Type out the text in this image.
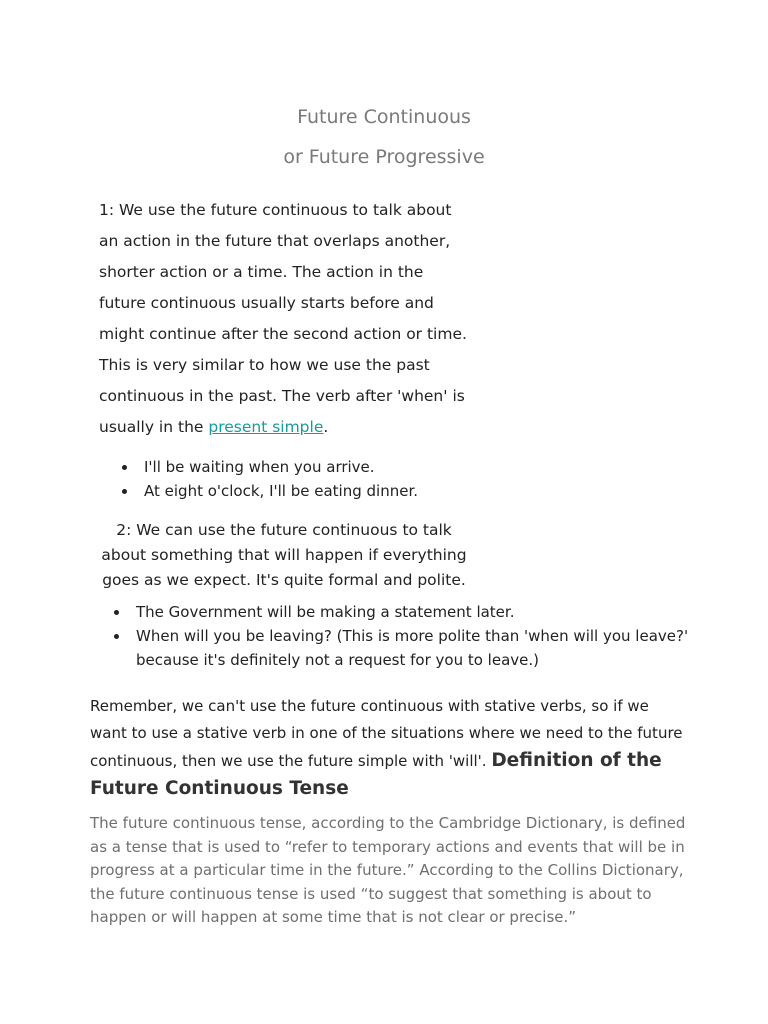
Future Continuous
or Future Progressive

1: We use the future continuous to talk about an action in the future that overlaps another, shorter action or a time. The action in the future continuous usually starts before and might continue after the second action or time. This is very similar to how we use the past continuous in the past. The verb after 'when' is usually in the present simple.

I'll be waiting when you arrive.
At eight o'clock, I'll be eating dinner.

2: We can use the future continuous to talk about something that will happen if everything goes as we expect. It's quite formal and polite.

The Government will be making a statement later.
When will you be leaving? (This is more polite than 'when will you leave?' because it's definitely not a request for you to leave.)

Remember, we can't use the future continuous with stative verbs, so if we want to use a stative verb in one of the situations where we need to the future continuous, then we use the future simple with 'will'. Definition of the Future Continuous Tense

The future continuous tense, according to the Cambridge Dictionary, is defined as a tense that is used to “refer to temporary actions and events that will be in progress at a particular time in the future.” According to the Collins Dictionary, the future continuous tense is used “to suggest that something is about to happen or will happen at some time that is not clear or precise.”
